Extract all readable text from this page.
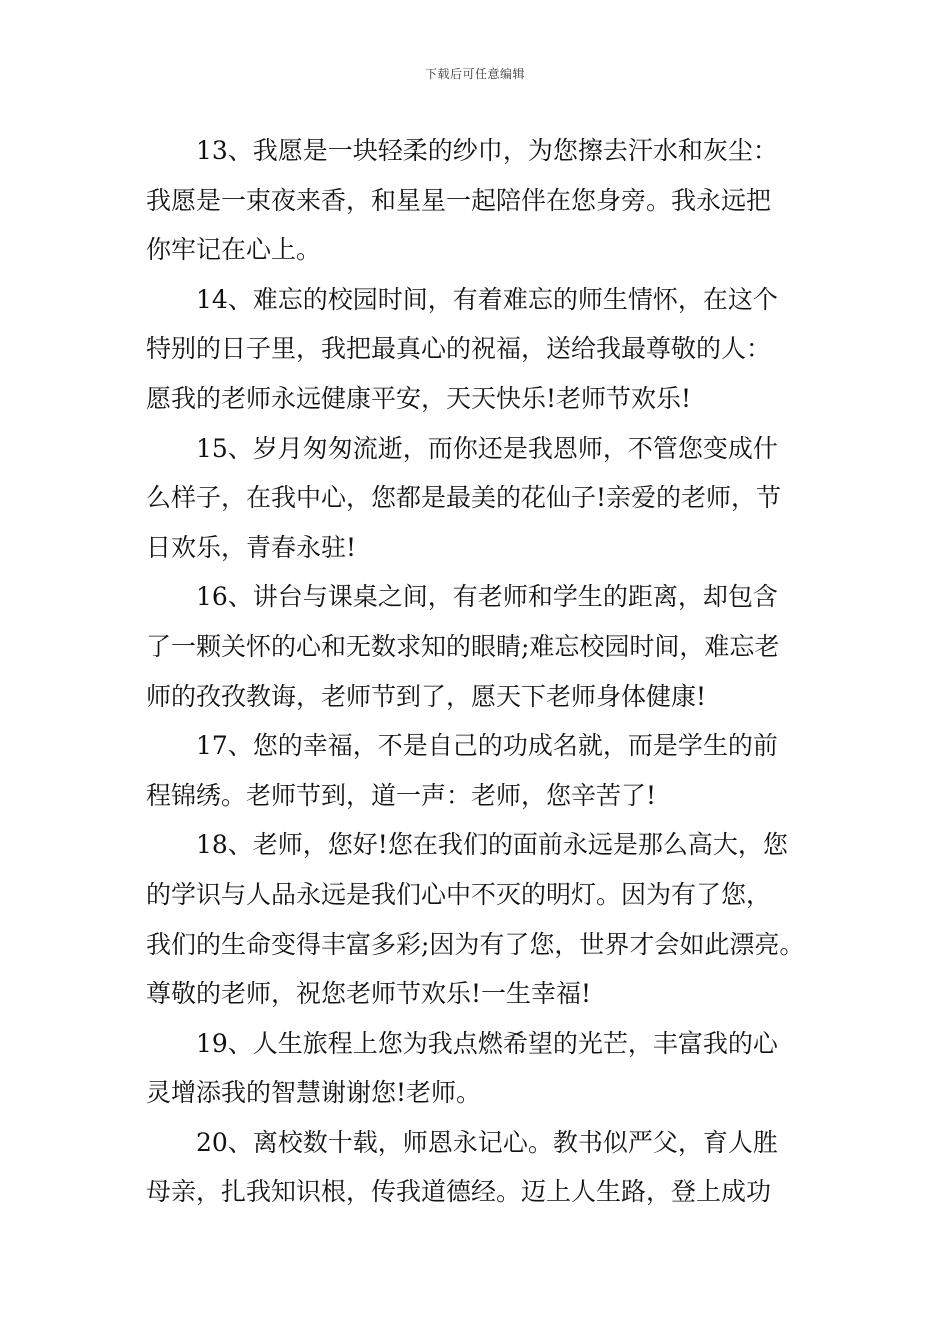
下载后可任意编辑

13、我愿是一块轻柔的纱巾，为您擦去汗水和灰尘：
我愿是一束夜来香，和星星一起陪伴在您身旁。我永远把
你牢记在心上。

14、难忘的校园时间，有着难忘的师生情怀，在这个
特别的日子里，我把最真心的祝福，送给我最尊敬的人：
愿我的老师永远健康平安，天天快乐!老师节欢乐!

15、岁月匆匆流逝，而你还是我恩师，不管您变成什
么样子，在我中心，您都是最美的花仙子!亲爱的老师，节
日欢乐，青春永驻!

16、讲台与课桌之间，有老师和学生的距离，却包含
了一颗关怀的心和无数求知的眼睛;难忘校园时间，难忘老
师的孜孜教诲，老师节到了，愿天下老师身体健康!

17、您的幸福，不是自己的功成名就，而是学生的前
程锦绣。老师节到，道一声：老师，您辛苦了!

18、老师，您好!您在我们的面前永远是那么高大，您
的学识与人品永远是我们心中不灭的明灯。因为有了您，
我们的生命变得丰富多彩;因为有了您，世界才会如此漂亮。
尊敬的老师，祝您老师节欢乐!一生幸福!

19、人生旅程上您为我点燃希望的光芒，丰富我的心
灵增添我的智慧谢谢您!老师。

20、离校数十载，师恩永记心。教书似严父，育人胜
母亲，扎我知识根，传我道德经。迈上人生路，登上成功
